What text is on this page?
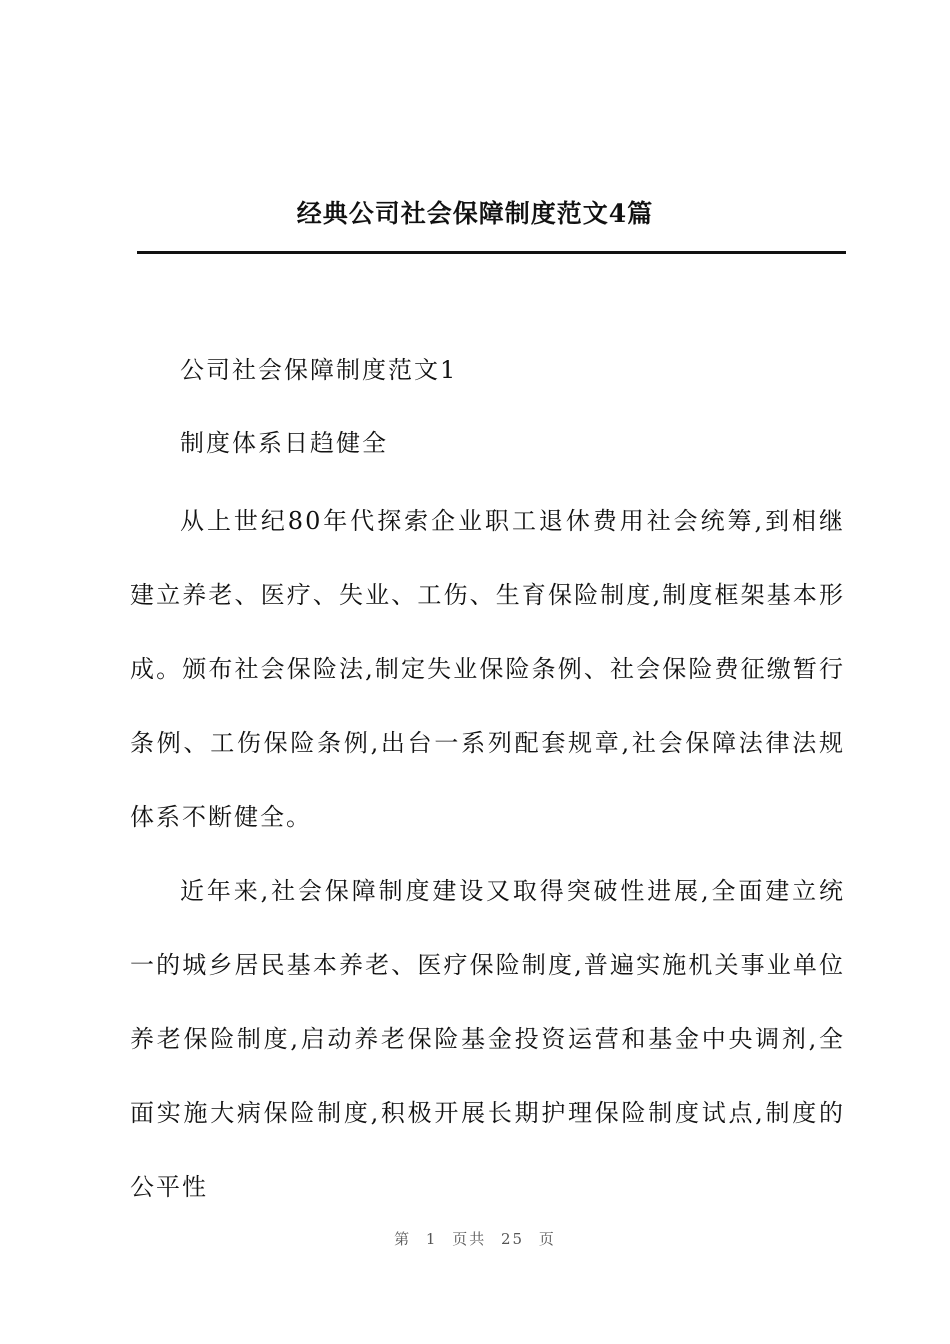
经典公司社会保障制度范文4篇

公司社会保障制度范文1

制度体系日趋健全

从上世纪80年代探索企业职工退休费用社会统筹,到相继建立养老、医疗、失业、工伤、生育保险制度,制度框架基本形成。颁布社会保险法,制定失业保险条例、社会保险费征缴暂行条例、工伤保险条例,出台一系列配套规章,社会保障法律法规体系不断健全。

近年来,社会保障制度建设又取得突破性进展,全面建立统一的城乡居民基本养老、医疗保险制度,普遍实施机关事业单位养老保险制度,启动养老保险基金投资运营和基金中央调剂,全面实施大病保险制度,积极开展长期护理保险制度试点,制度的公平性

第 1 页共 25 页
